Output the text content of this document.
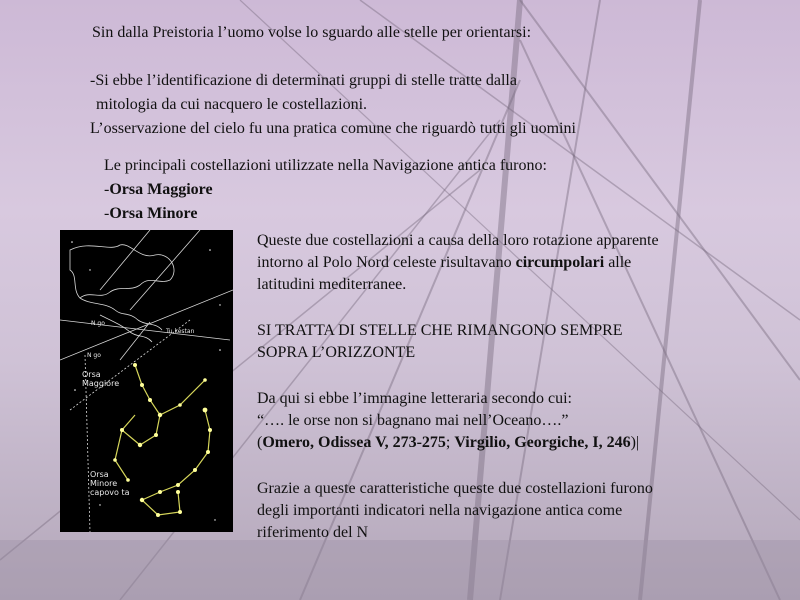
Sin dalla Preistoria l’uomo volse lo sguardo alle stelle per orientarsi:

-Si ebbe l’identificazione di determinati gruppi di stelle tratte dalla

mitologia da cui nacquero le costellazioni.

L’osservazione del cielo fu una pratica comune che riguardò tutti gli uomini

Le principali costellazioni utilizzate nella Navigazione antica furono:

-Orsa Maggiore

-Orsa Minore

Tu kestan
N go
N go
Orsa
Maggiore
Orsa
Minore
capovo ta

Queste due costellazioni a causa della loro rotazione apparente

intorno al Polo Nord celeste risultavano circumpolari alle

latitudini mediterranee.

SI TRATTA DI STELLE CHE RIMANGONO SEMPRE

SOPRA L’ORIZZONTE

Da qui si ebbe l’immagine letteraria secondo cui:

“…. le orse non si bagnano mai nell’Oceano….”

(Omero, Odissea V, 273-275; Virgilio, Georgiche, I, 246)|

Grazie a queste caratteristiche queste due costellazioni furono

degli importanti indicatori nella navigazione antica come

riferimento del N
